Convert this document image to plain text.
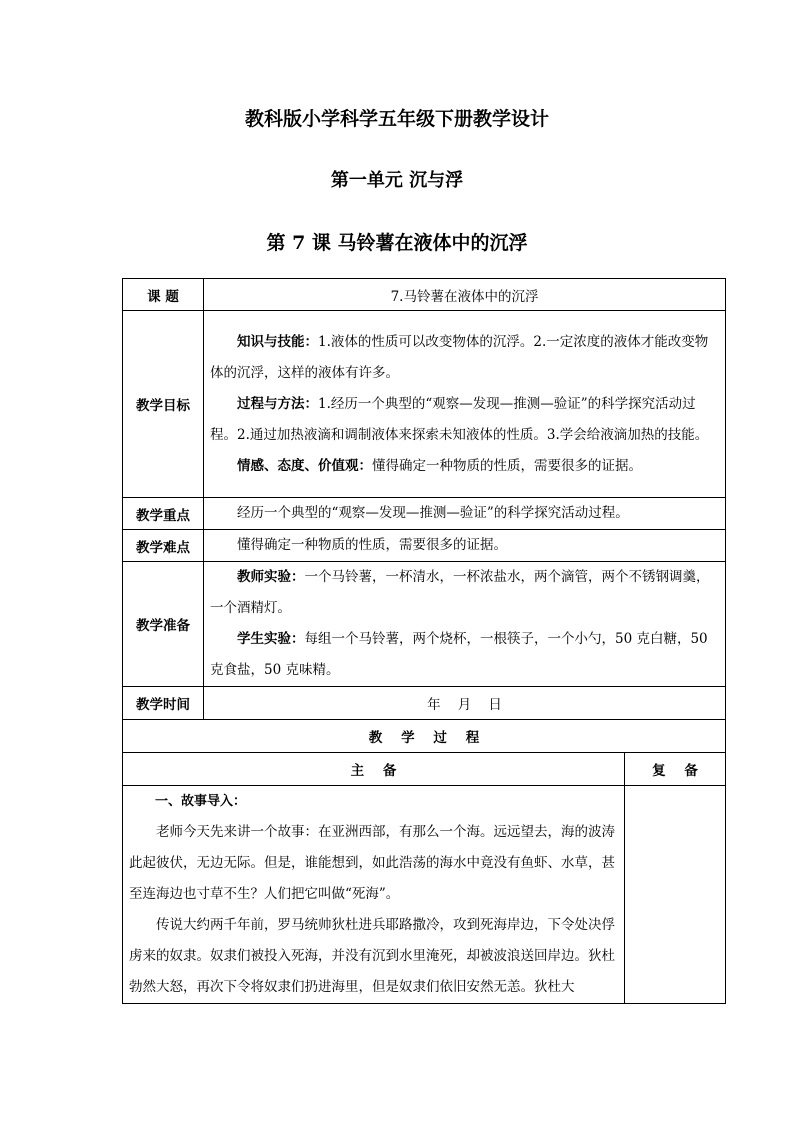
教科版小学科学五年级下册教学设计
第一单元 沉与浮
第 7 课 马铃薯在液体中的沉浮
课 题	7.马铃薯在液体中的沉浮	
教学目标	知识与技能：1.液体的性质可以改变物体的沉浮。2.一定浓度的液体才能改变物体的沉浮，这样的液体有许多。

过程与方法：1.经历一个典型的“观察—发现—推测—验证”的科学探究活动过程。2.通过加热液滴和调制液体来探索未知液体的性质。3.学会给液滴加热的技能。

情感、态度、价值观：懂得确定一种物质的性质，需要很多的证据。	

教学重点	经历一个典型的“观察—发现—推测—验证”的科学探究活动过程。	

教学难点	懂得确定一种物质的性质，需要很多的证据。	

教学准备	教师实验：一个马铃薯，一杯清水，一杯浓盐水，两个滴管，两个不锈钢调羹，一个酒精灯。

学生实验：每组一个马铃薯，两个烧杯，一根筷子，一个小勺，50 克白糖，50 克食盐，50 克味精。	

教学时间	年    月    日	
教    学    过    程		
主    备		复    备

一、故事导入：

老师今天先来讲一个故事：在亚洲西部，有那么一个海。远远望去，海的波涛此起彼伏，无边无际。但是，谁能想到，如此浩荡的海水中竟没有鱼虾、水草，甚至连海边也寸草不生？人们把它叫做“死海”。

传说大约两千年前，罗马统帅狄杜进兵耶路撒冷，攻到死海岸边，下令处决俘虏来的奴隶。奴隶们被投入死海，并没有沉到水里淹死，却被波浪送回岸边。狄杜勃然大怒，再次下令将奴隶们扔进海里，但是奴隶们依旧安然无恙。狄杜大		
